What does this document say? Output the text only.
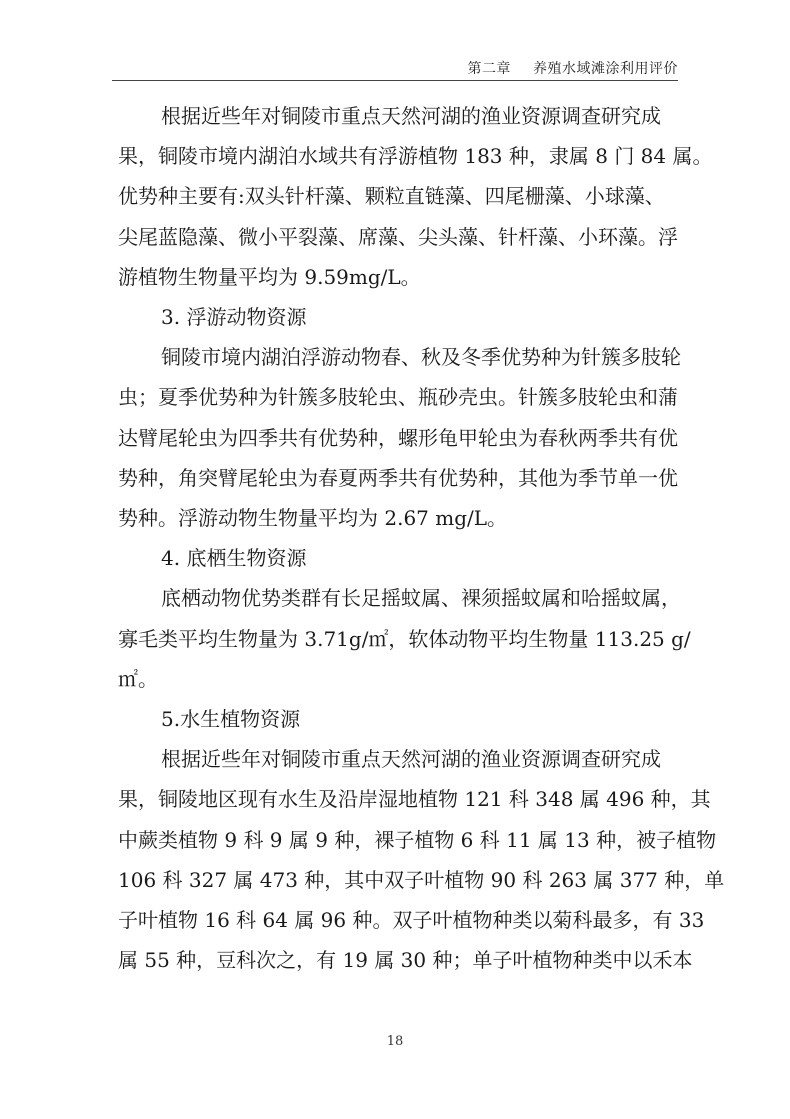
第二章 养殖水域滩涂利用评价
根据近些年对铜陵市重点天然河湖的渔业资源调查研究成
果，铜陵市境内湖泊水域共有浮游植物 183 种，隶属 8 门 84 属。
优势种主要有:双头针杆藻、颗粒直链藻、四尾栅藻、小球藻、
尖尾蓝隐藻、微小平裂藻、席藻、尖头藻、针杆藻、小环藻。浮
游植物生物量平均为 9.59mg/L。
3. 浮游动物资源
铜陵市境内湖泊浮游动物春、秋及冬季优势种为针簇多肢轮
虫；夏季优势种为针簇多肢轮虫、瓶砂壳虫。针簇多肢轮虫和蒲
达臂尾轮虫为四季共有优势种，螺形龟甲轮虫为春秋两季共有优
势种，角突臂尾轮虫为春夏两季共有优势种，其他为季节单一优
势种。浮游动物生物量平均为 2.67 mg/L。
4. 底栖生物资源
底栖动物优势类群有长足摇蚊属、裸须摇蚊属和哈摇蚊属，
寡毛类平均生物量为 3.71g/㎡，软体动物平均生物量 113.25 g/
㎡。
5.水生植物资源
根据近些年对铜陵市重点天然河湖的渔业资源调查研究成
果，铜陵地区现有水生及沿岸湿地植物 121 科 348 属 496 种，其
中蕨类植物 9 科 9 属 9 种，裸子植物 6 科 11 属 13 种，被子植物
106 科 327 属 473 种，其中双子叶植物 90 科 263 属 377 种，单
子叶植物 16 科 64 属 96 种。双子叶植物种类以菊科最多，有 33
属 55 种，豆科次之，有 19 属 30 种；单子叶植物种类中以禾本
18
